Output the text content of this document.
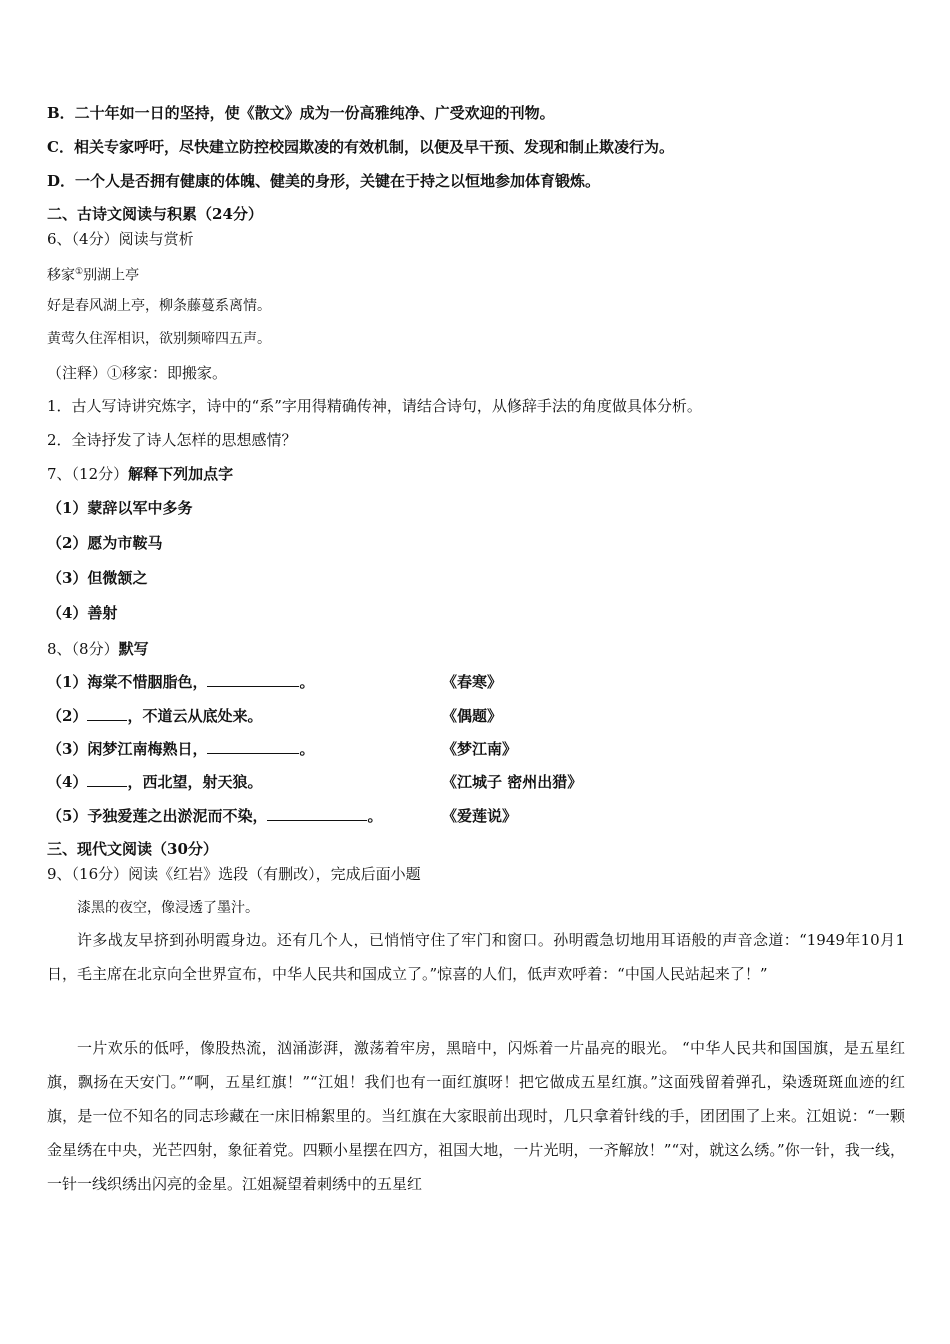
B．二十年如一日的坚持，使《散文》成为一份高雅纯净、广受欢迎的刊物。
C．相关专家呼吁，尽快建立防控校园欺凌的有效机制，以便及早干预、发现和制止欺凌行为。
D．一个人是否拥有健康的体魄、健美的身形，关键在于持之以恒地参加体育锻炼。
二、古诗文阅读与积累（24分）
6、（4分）阅读与赏析
移家①别湖上亭
好是春风湖上亭，柳条藤蔓系离情。
黄莺久住浑相识，欲别频啼四五声。
（注释）①移家：即搬家。
1．古人写诗讲究炼字，诗中的“系”字用得精确传神，请结合诗句，从修辞手法的角度做具体分析。
2．全诗抒发了诗人怎样的思想感情？
7、（12分）解释下列加点字
（1）蒙辞以军中多务
（2）愿为市鞍马
（3）但微颔之
（4）善射
8、（8分）默写
（1）海棠不惜胭脂色，	。	《春寒》
（2）	，不道云从底处来。	《偶题》
（3）闲梦江南梅熟日，	。	《梦江南》
（4）	，西北望，射天狼。	《江城子 密州出猎》
（5）予独爱莲之出淤泥而不染，	。	《爱莲说》
三、现代文阅读（30分）
9、（16分）阅读《红岩》选段（有删改），完成后面小题
漆黑的夜空，像浸透了墨汁。
许多战友早挤到孙明霞身边。还有几个人，已悄悄守住了牢门和窗口。孙明霞急切地用耳语般的声音念道：“1949年10月1日，毛主席在北京向全世界宣布，中华人民共和国成立了。”惊喜的人们，低声欢呼着：“中国人民站起来了！”
一片欢乐的低呼，像股热流，汹涌澎湃，激荡着牢房，黑暗中，闪烁着一片晶亮的眼光。 “中华人民共和国国旗，是五星红旗，飘扬在天安门。”“啊，五星红旗！”“江姐！我们也有一面红旗呀！把它做成五星红旗。”这面残留着弹孔，染透斑斑血迹的红旗，是一位不知名的同志珍藏在一床旧棉絮里的。当红旗在大家眼前出现时，几只拿着针线的手，团团围了上来。江姐说：“一颗金星绣在中央，光芒四射，象征着党。四颗小星摆在四方，祖国大地，一片光明，一齐解放！”“对，就这么绣。”你一针，我一线，一针一线织绣出闪亮的金星。江姐凝望着刺绣中的五星红
